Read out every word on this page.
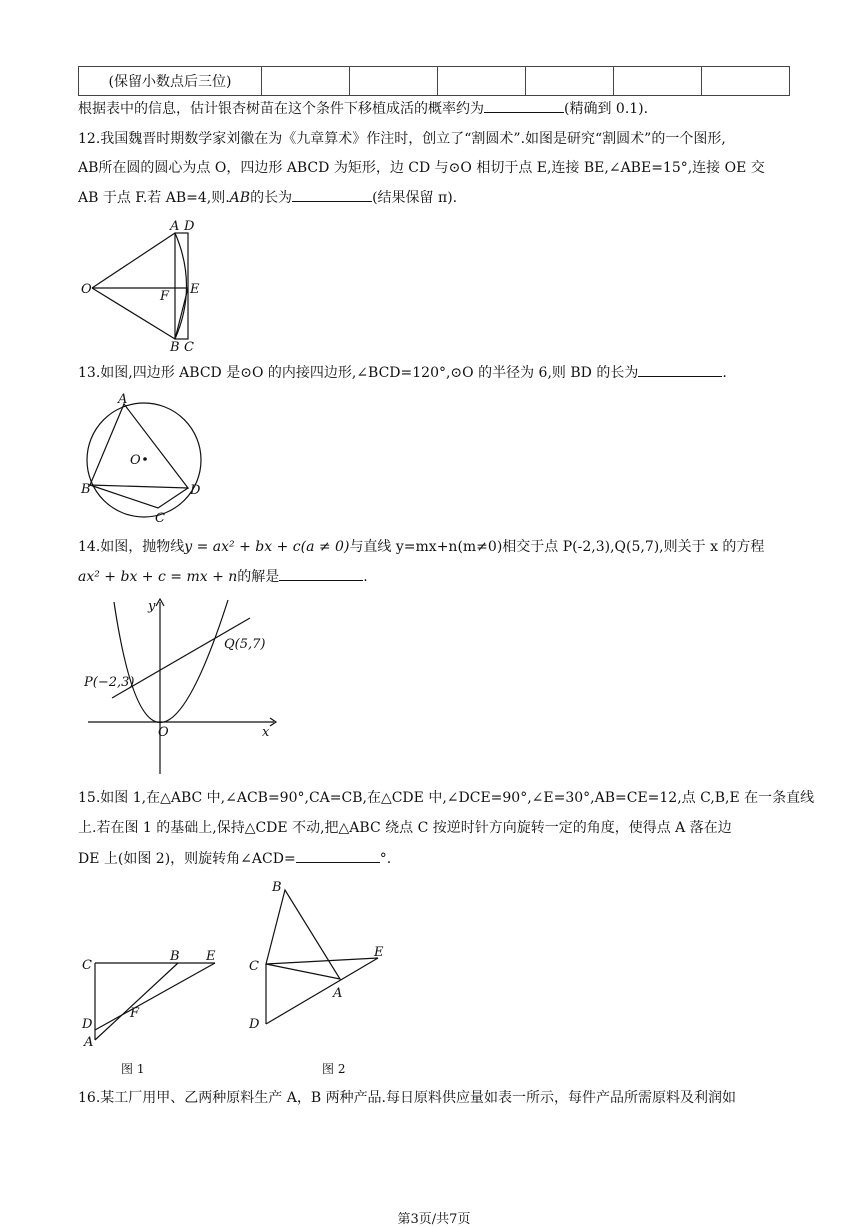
(保留小数点后三位)						
根据表中的信息，估计银杏树苗在这个条件下移植成活的概率约为	(精确到 0.1).
12.我国魏晋时期数学家刘徽在为《九章算术》作注时，创立了“割圆术”.如图是研究“割圆术”的一个图形,
AB所在圆的圆心为点 O，四边形 ABCD 为矩形，边 CD 与⊙O 相切于点 E,连接 BE,∠ABE=15°,连接 OE 交
AB 于点 F.若 AB=4,则.AB的长为	(结果保留 π).
A D
O	F E
B C
13.如图,四边形 ABCD 是⊙O 的内接四边形,∠BCD=120°,⊙O 的半径为 6,则 BD 的长为	.
A
O
B	D
C
14.如图，抛物线y = ax² + bx + c(a ≠ 0)与直线 y=mx+n(m≠0)相交于点 P(-2,3),Q(5,7),则关于 x 的方程
ax² + bx + c = mx + n的解是	.
y
x
O
P(−2,3)
Q(5,7)
15.如图 1,在△ABC 中,∠ACB=90°,CA=CB,在△CDE 中,∠DCE=90°,∠E=30°,AB=CE=12,点 C,B,E 在一条直线
上.若在图 1 的基础上,保持△CDE 不动,把△ABC 绕点 C 按逆时针方向旋转一定的角度，使得点 A 落在边
DE 上(如图 2)，则旋转角∠ACD=	°.
C
B E
D
F
A
B
C
E
A
D
图 1	图 2
16.某工厂用甲、乙两种原料生产 A，B 两种产品.每日原料供应量如表一所示，每件产品所需原料及利润如
第3页/共7页
